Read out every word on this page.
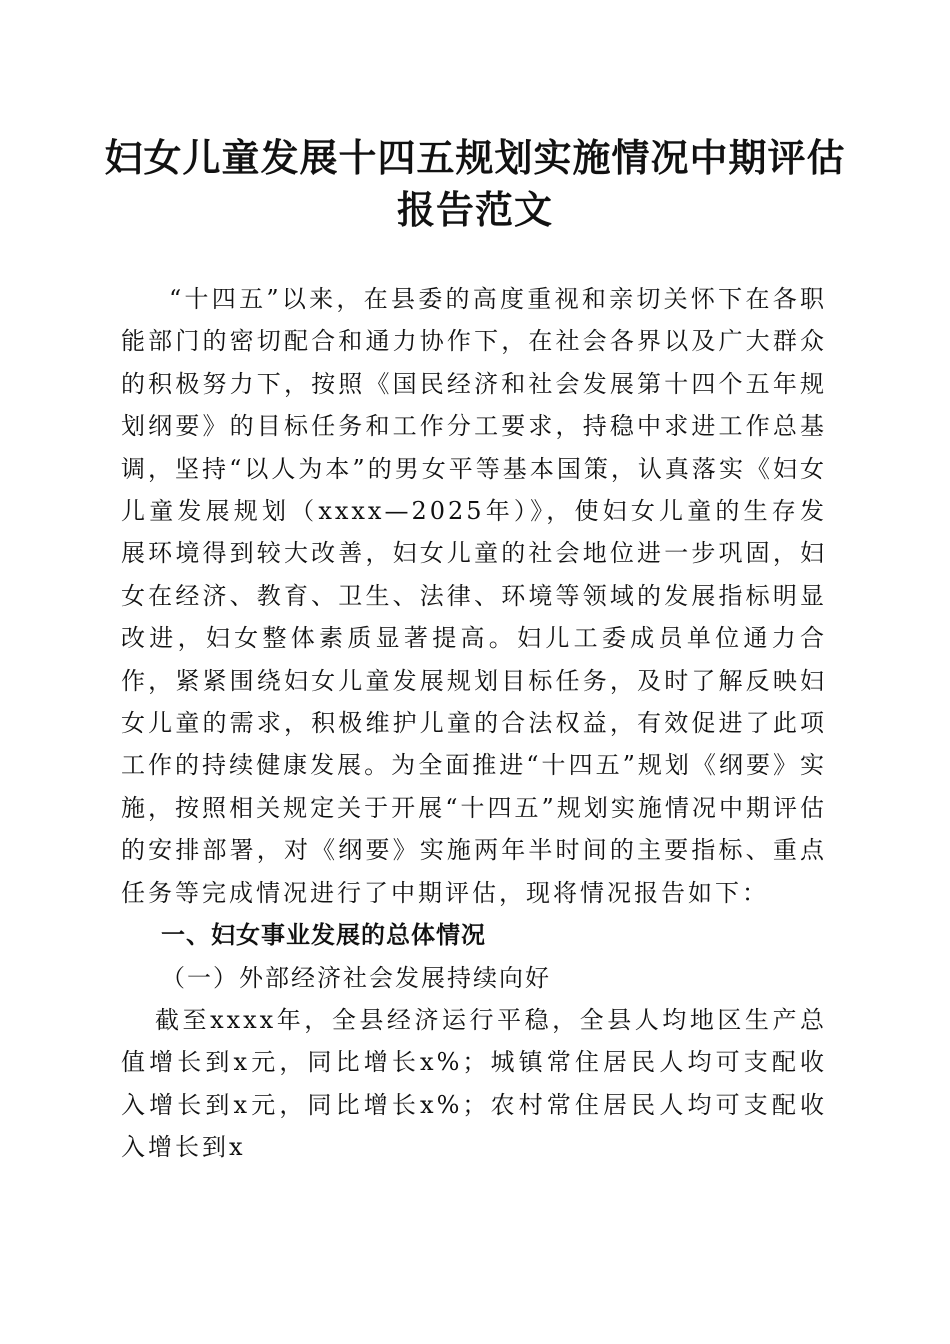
妇女儿童发展十四五规划实施情况中期评估报告范文

“十四五”以来，在县委的高度重视和亲切关怀下在各职能部门的密切配合和通力协作下，在社会各界以及广大群众的积极努力下，按照《国民经济和社会发展第十四个五年规划纲要》的目标任务和工作分工要求，持稳中求进工作总基调，坚持“以人为本”的男女平等基本国策，认真落实《妇女儿童发展规划（xxxx—2025年）》，使妇女儿童的生存发展环境得到较大改善，妇女儿童的社会地位进一步巩固，妇女在经济、教育、卫生、法律、环境等领域的发展指标明显改进，妇女整体素质显著提高。妇儿工委成员单位通力合作，紧紧围绕妇女儿童发展规划目标任务，及时了解反映妇女儿童的需求，积极维护儿童的合法权益，有效促进了此项工作的持续健康发展。为全面推进“十四五”规划《纲要》实施，按照相关规定关于开展“十四五”规划实施情况中期评估的安排部署，对《纲要》实施两年半时间的主要指标、重点任务等完成情况进行了中期评估，现将情况报告如下：

一、妇女事业发展的总体情况

（一）外部经济社会发展持续向好

截至xxxx年，全县经济运行平稳，全县人均地区生产总值增长到x元，同比增长x%；城镇常住居民人均可支配收入增长到x元，同比增长x%；农村常住居民人均可支配收入增长到x
